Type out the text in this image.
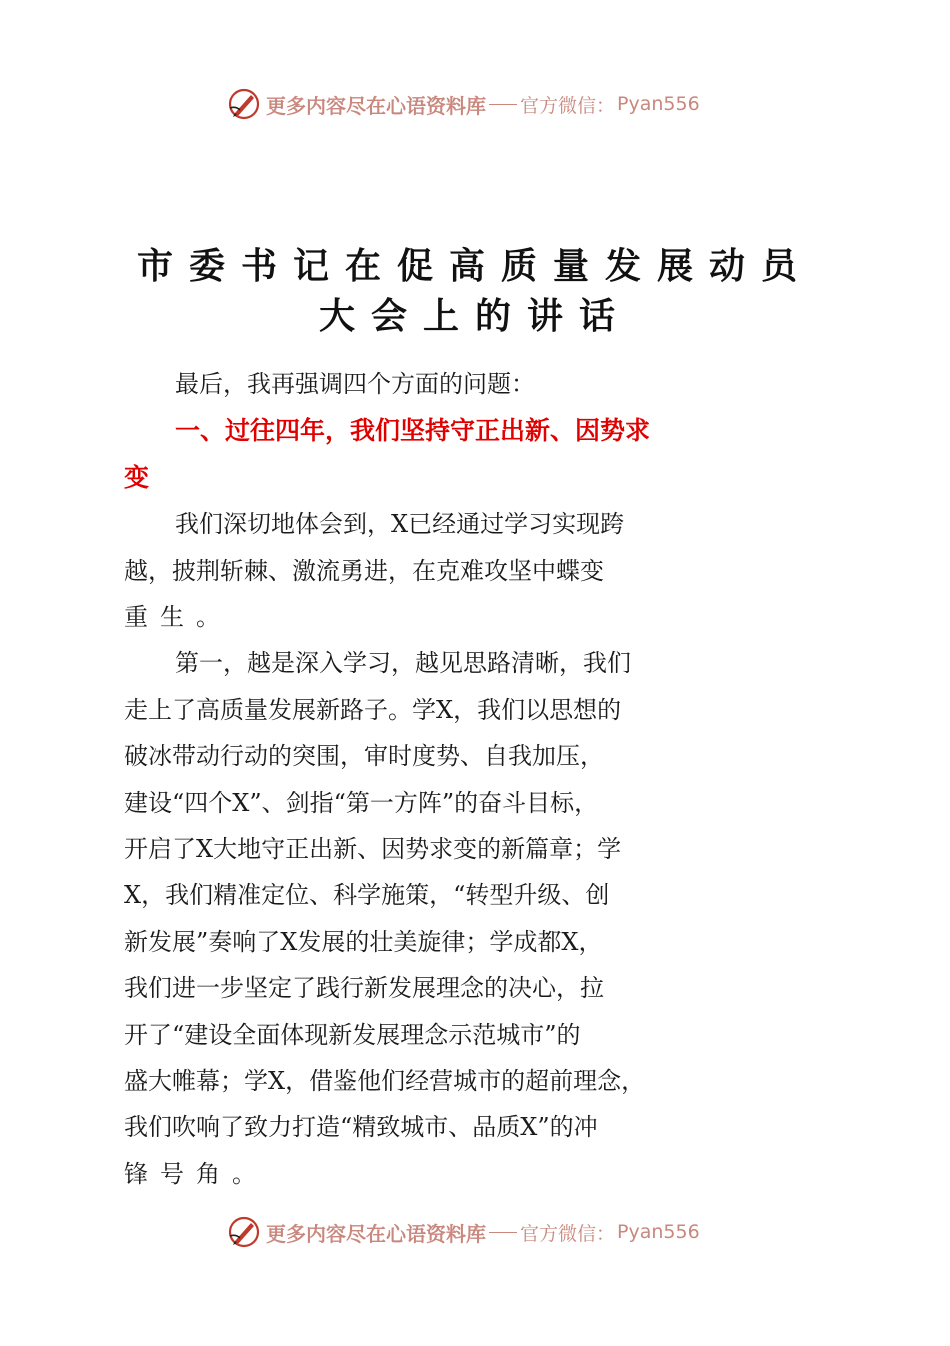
更多内容尽在心语资料库 官方微信： Pyan556
市委书记在促高质量发展动员
大会上的讲话
最后，我再强调四个方面的问题：
一、过往四年，我们坚持守正出新、因势求
变
我们深切地体会到，X已经通过学习实现跨
越，披荆斩棘、激流勇进，在克难攻坚中蝶变
重生。
第一，越是深入学习，越见思路清晰，我们
走上了高质量发展新路子。学X，我们以思想的
破冰带动行动的突围，审时度势、自我加压，
建设“四个X”、剑指“第一方阵”的奋斗目标，
开启了X大地守正出新、因势求变的新篇章；学
X，我们精准定位、科学施策，“转型升级、创
新发展”奏响了X发展的壮美旋律；学成都X，
我们进一步坚定了践行新发展理念的决心，拉
开了“建设全面体现新发展理念示范城市”的
盛大帷幕；学X，借鉴他们经营城市的超前理念，
我们吹响了致力打造“精致城市、品质X”的冲
锋号角。
更多内容尽在心语资料库 官方微信： Pyan556
